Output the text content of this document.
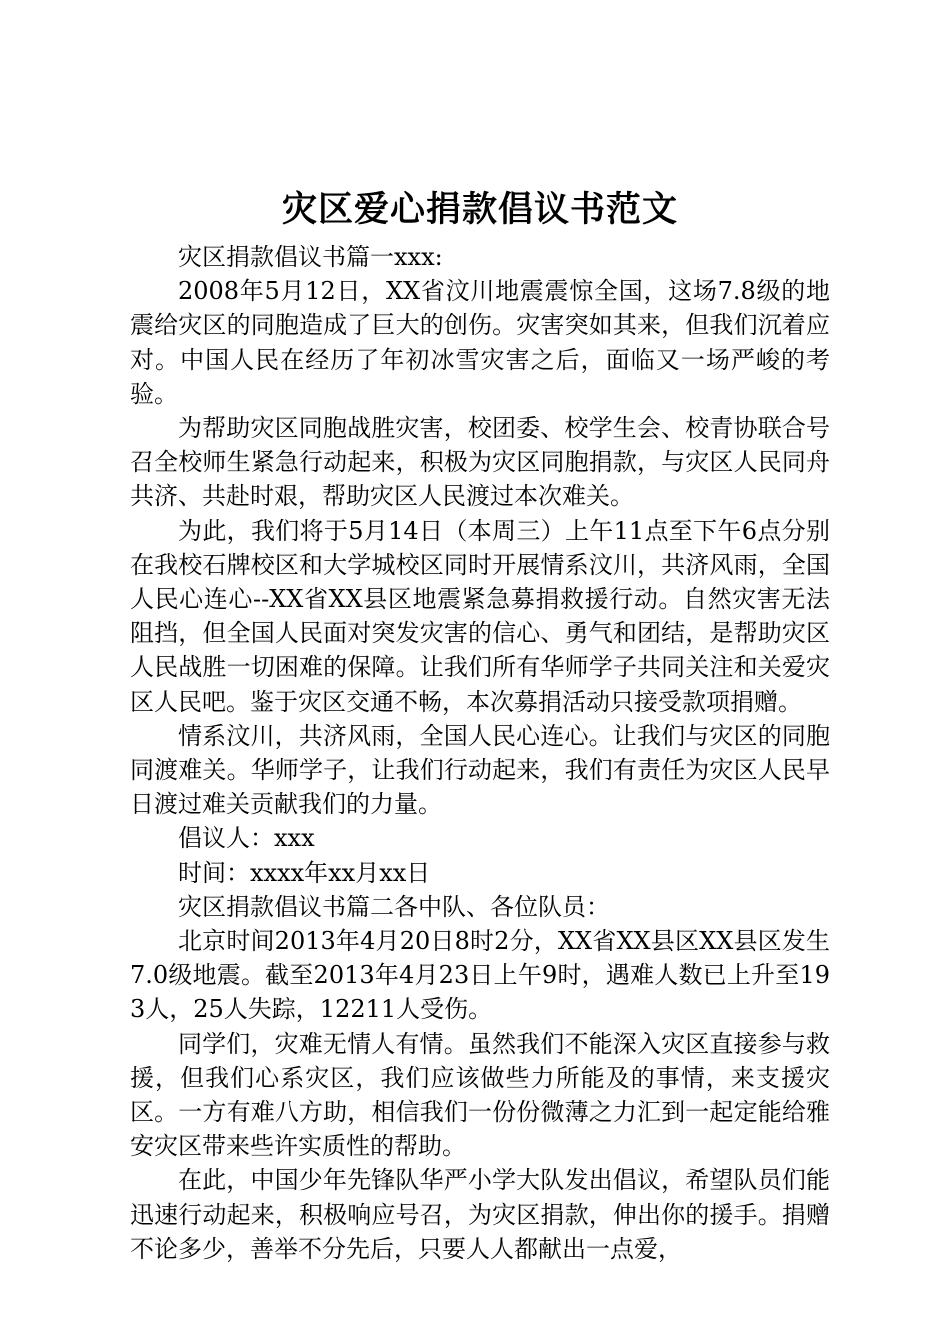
灾区爱心捐款倡议书范文

灾区捐款倡议书篇一xxx:

2008年5月12日，XX省汶川地震震惊全国，这场7.8级的地震给灾区的同胞造成了巨大的创伤。灾害突如其来，但我们沉着应对。中国人民在经历了年初冰雪灾害之后，面临又一场严峻的考验。

为帮助灾区同胞战胜灾害，校团委、校学生会、校青协联合号召全校师生紧急行动起来，积极为灾区同胞捐款，与灾区人民同舟共济、共赴时艰，帮助灾区人民渡过本次难关。

为此，我们将于5月14日（本周三）上午11点至下午6点分别在我校石牌校区和大学城校区同时开展情系汶川，共济风雨，全国人民心连心--XX省XX县区地震紧急募捐救援行动。自然灾害无法阻挡，但全国人民面对突发灾害的信心、勇气和团结，是帮助灾区人民战胜一切困难的保障。让我们所有华师学子共同关注和关爱灾区人民吧。鉴于灾区交通不畅，本次募捐活动只接受款项捐赠。

情系汶川，共济风雨，全国人民心连心。让我们与灾区的同胞同渡难关。华师学子，让我们行动起来，我们有责任为灾区人民早日渡过难关贡献我们的力量。

倡议人：xxx

时间：xxxx年xx月xx日

灾区捐款倡议书篇二各中队、各位队员：

北京时间2013年4月20日8时2分，XX省XX县区XX县区发生7.0级地震。截至2013年4月23日上午9时，遇难人数已上升至193人，25人失踪，12211人受伤。

同学们，灾难无情人有情。虽然我们不能深入灾区直接参与救援，但我们心系灾区，我们应该做些力所能及的事情，来支援灾区。一方有难八方助，相信我们一份份微薄之力汇到一起定能给雅安灾区带来些许实质性的帮助。

在此，中国少年先锋队华严小学大队发出倡议，希望队员们能迅速行动起来，积极响应号召，为灾区捐款，伸出你的援手。捐赠不论多少，善举不分先后，只要人人都献出一点爱，
